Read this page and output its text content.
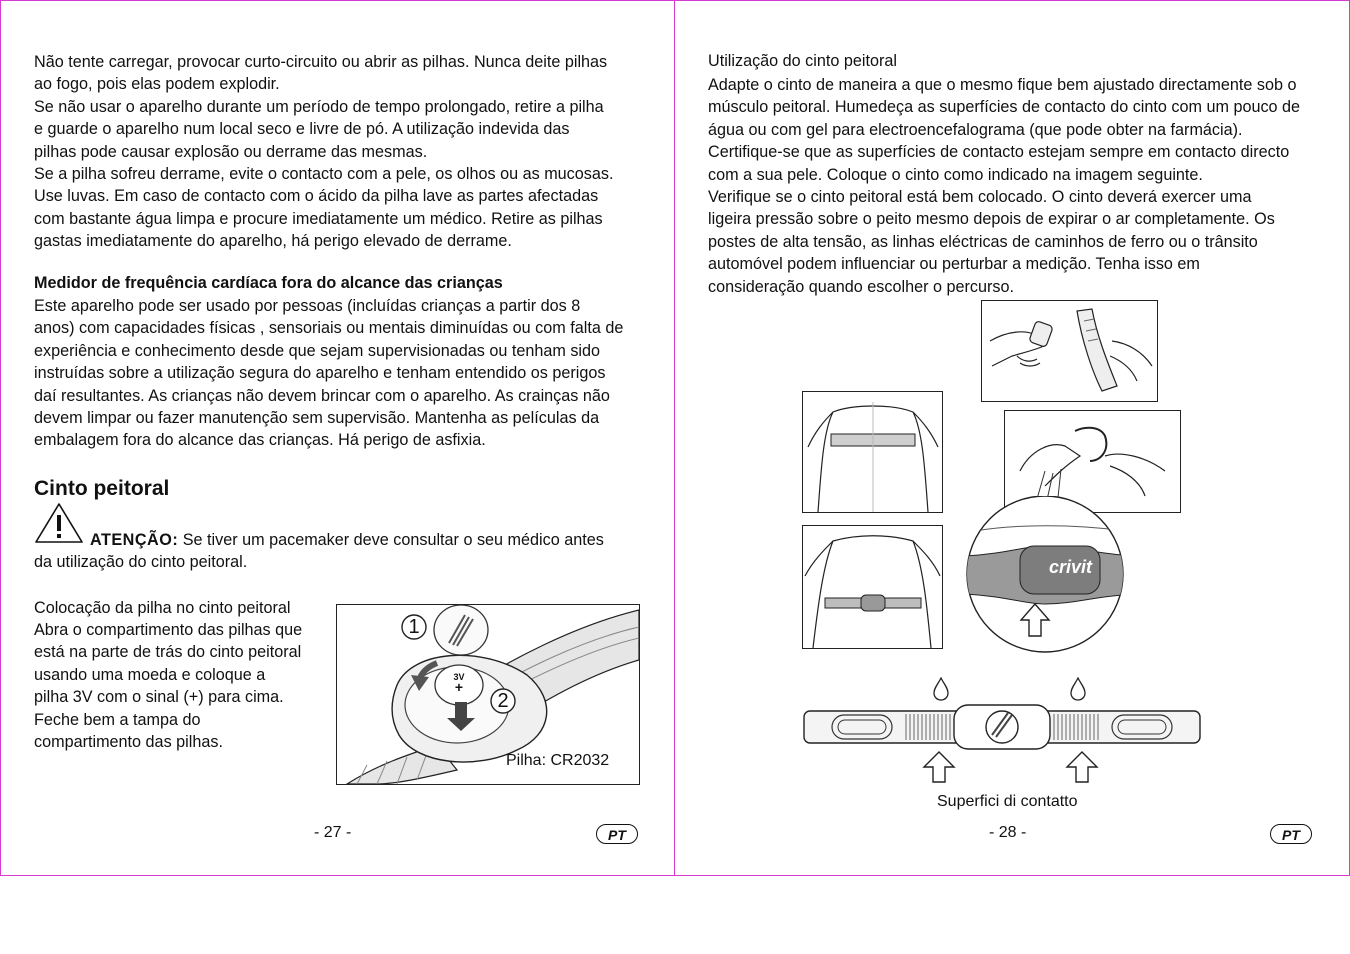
Não tente carregar, provocar curto-circuito ou abrir as pilhas. Nunca deite pilhas
ao fogo, pois elas podem explodir.
Se não usar o aparelho durante um período de tempo prolongado, retire a pilha
e guarde o aparelho num local seco e livre de pó. A utilização indevida das
pilhas pode causar explosão ou derrame das mesmas.
Se a pilha sofreu derrame, evite o contacto com a pele, os olhos ou as mucosas.
Use luvas. Em caso de contacto com o ácido da pilha lave as partes afectadas
com bastante água limpa e procure imediatamente um médico. Retire as pilhas
gastas imediatamente do aparelho, há perigo elevado de derrame.
Medidor de frequência cardíaca fora do alcance das crianças
Este aparelho pode ser usado por pessoas (incluídas crianças a partir dos 8
anos) com capacidades físicas , sensoriais ou mentais diminuídas ou com falta de
experiência e conhecimento desde que sejam supervisionadas ou tenham sido
instruídas sobre a utilização segura do aparelho e tenham entendido os perigos
daí resultantes. As crianças não devem brincar com o aparelho. As crainças não
devem limpar ou fazer manutenção sem supervisão. Mantenha as películas da
embalagem fora do alcance das crianças. Há perigo de asfixia.
Cinto peitoral
ATENÇÃO: Se tiver um pacemaker deve consultar o seu médico antes
da utilização do cinto peitoral.
Colocação da pilha no cinto peitoral
Abra o compartimento das pilhas que
está na parte de trás do cinto peitoral
usando uma moeda e coloque a
pilha 3V com o sinal (+) para cima.
Feche bem a tampa do
compartimento das pilhas.
1
2
3V
+
Pilha: CR2032
- 27 -	PT
Utilização do cinto peitoral
Adapte o cinto de maneira a que o mesmo fique bem ajustado directamente sob o
músculo peitoral. Humedeça as superfícies de contacto do cinto com um pouco de
água ou com gel para electroencefalograma (que pode obter na farmácia).
Certifique-se que as superfícies de contacto estejam sempre em contacto directo
com a sua pele. Coloque o cinto como indicado na imagem seguinte.
Verifique se o cinto peitoral está bem colocado. O cinto deverá exercer uma
ligeira pressão sobre o peito mesmo depois de expirar o ar completamente. Os
postes de alta tensão, as linhas eléctricas de caminhos de ferro ou o trânsito
automóvel podem influenciar ou perturbar a medição. Tenha isso em
consideração quando escolher o percurso.
crivit
Superfici di contatto
- 28 -	PT
